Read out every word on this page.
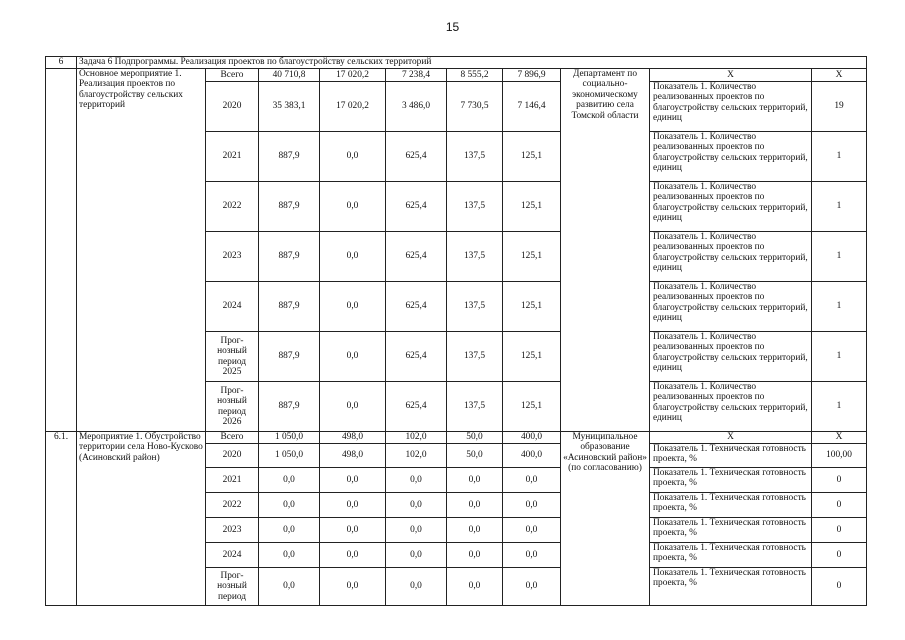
15
6	Задача 6 Подпрограммы. Реализация проектов по благоустройству сельских территорий									
	Основное мероприятие 1. Реализация проектов по благоустройству сельских территорий	Всего	40 710,8	17 020,2	7 238,4	8 555,2	7 896,9	Департамент по социально-экономическому развитию села Томской области	X	X
		2020	35 383,1	17 020,2	3 486,0	7 730,5	7 146,4		Показатель 1. Количество реализованных проектов по благоустройству сельских территорий, единиц	19
		2021	887,9	0,0	625,4	137,5	125,1		Показатель 1. Количество реализованных проектов по благоустройству сельских территорий, единиц	1
		2022	887,9	0,0	625,4	137,5	125,1		Показатель 1. Количество реализованных проектов по благоустройству сельских территорий, единиц	1
		2023	887,9	0,0	625,4	137,5	125,1		Показатель 1. Количество реализованных проектов по благоустройству сельских территорий, единиц	1
		2024	887,9	0,0	625,4	137,5	125,1		Показатель 1. Количество реализованных проектов по благоустройству сельских территорий, единиц	1
		Прог-нозный период 2025	887,9	0,0	625,4	137,5	125,1		Показатель 1. Количество реализованных проектов по благоустройству сельских территорий, единиц	1
		Прог-нозный период 2026	887,9	0,0	625,4	137,5	125,1		Показатель 1. Количество реализованных проектов по благоустройству сельских территорий, единиц	1
6.1.	Мероприятие 1. Обустройство территории села Ново-Кусково (Асиновский район)	Всего	1 050,0	498,0	102,0	50,0	400,0	Муниципальное образование «Асиновский район» (по согласованию)	X	X
		2020	1 050,0	498,0	102,0	50,0	400,0		Показатель 1. Техническая готовность проекта, %	100,00
		2021	0,0	0,0	0,0	0,0	0,0		Показатель 1. Техническая готовность проекта, %	0
		2022	0,0	0,0	0,0	0,0	0,0		Показатель 1. Техническая готовность проекта, %	0
		2023	0,0	0,0	0,0	0,0	0,0		Показатель 1. Техническая готовность проекта, %	0
		2024	0,0	0,0	0,0	0,0	0,0		Показатель 1. Техническая готовность проекта, %	0
		Прог-нозный период	0,0	0,0	0,0	0,0	0,0		Показатель 1. Техническая готовность проекта, %	0
